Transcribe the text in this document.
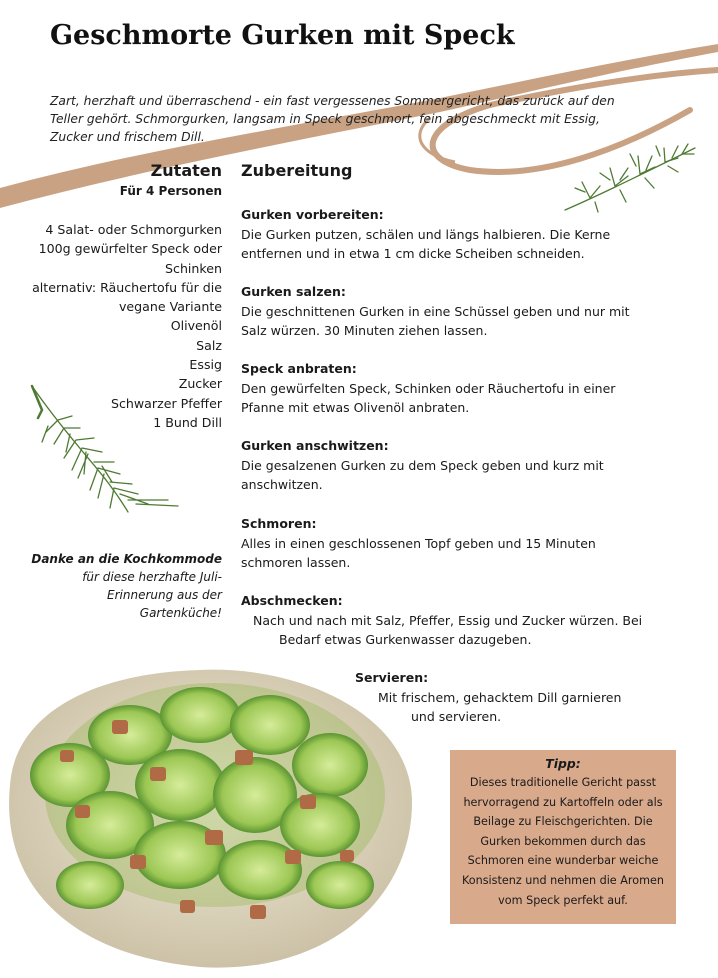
Geschmorte Gurken mit Speck
Zart, herzhaft und überraschend - ein fast vergessenes Sommergericht, das zurück auf den Teller gehört. Schmorgurken, langsam in Speck geschmort, fein abgeschmeckt mit Essig, Zucker und frischem Dill.
Zutaten
Für 4 Personen
4 Salat- oder Schmorgurken
100g gewürfelter Speck oder
Schinken
alternativ: Räuchertofu für die
vegane Variante
Olivenöl
Salz
Essig
Zucker
Schwarzer Pfeffer
1 Bund Dill
Danke an die Kochkommode
für diese herzhafte Juli-
Erinnerung aus der
Gartenküche!
Zubereitung
Gurken vorbereiten:
Die Gurken putzen, schälen und längs halbieren. Die Kerne
entfernen und in etwa 1 cm dicke Scheiben schneiden.
Gurken salzen:
Die geschnittenen Gurken in eine Schüssel geben und nur mit
Salz würzen. 30 Minuten ziehen lassen.
Speck anbraten:
Den gewürfelten Speck, Schinken oder Räuchertofu in einer
Pfanne mit etwas Olivenöl anbraten.
Gurken anschwitzen:
Die gesalzenen Gurken zu dem Speck geben und kurz mit
anschwitzen.
Schmoren:
Alles in einen geschlossenen Topf geben und 15 Minuten
schmoren lassen.
Abschmecken:
Nach und nach mit Salz, Pfeffer, Essig und Zucker würzen. Bei
Bedarf etwas Gurkenwasser dazugeben.
Servieren:
Mit frischem, gehacktem Dill garnieren
und servieren.
Tipp:
Dieses traditionelle Gericht passt
hervorragend zu Kartoffeln oder als
Beilage zu Fleischgerichten. Die
Gurken bekommen durch das
Schmoren eine wunderbar weiche
Konsistenz und nehmen die Aromen
vom Speck perfekt auf.
